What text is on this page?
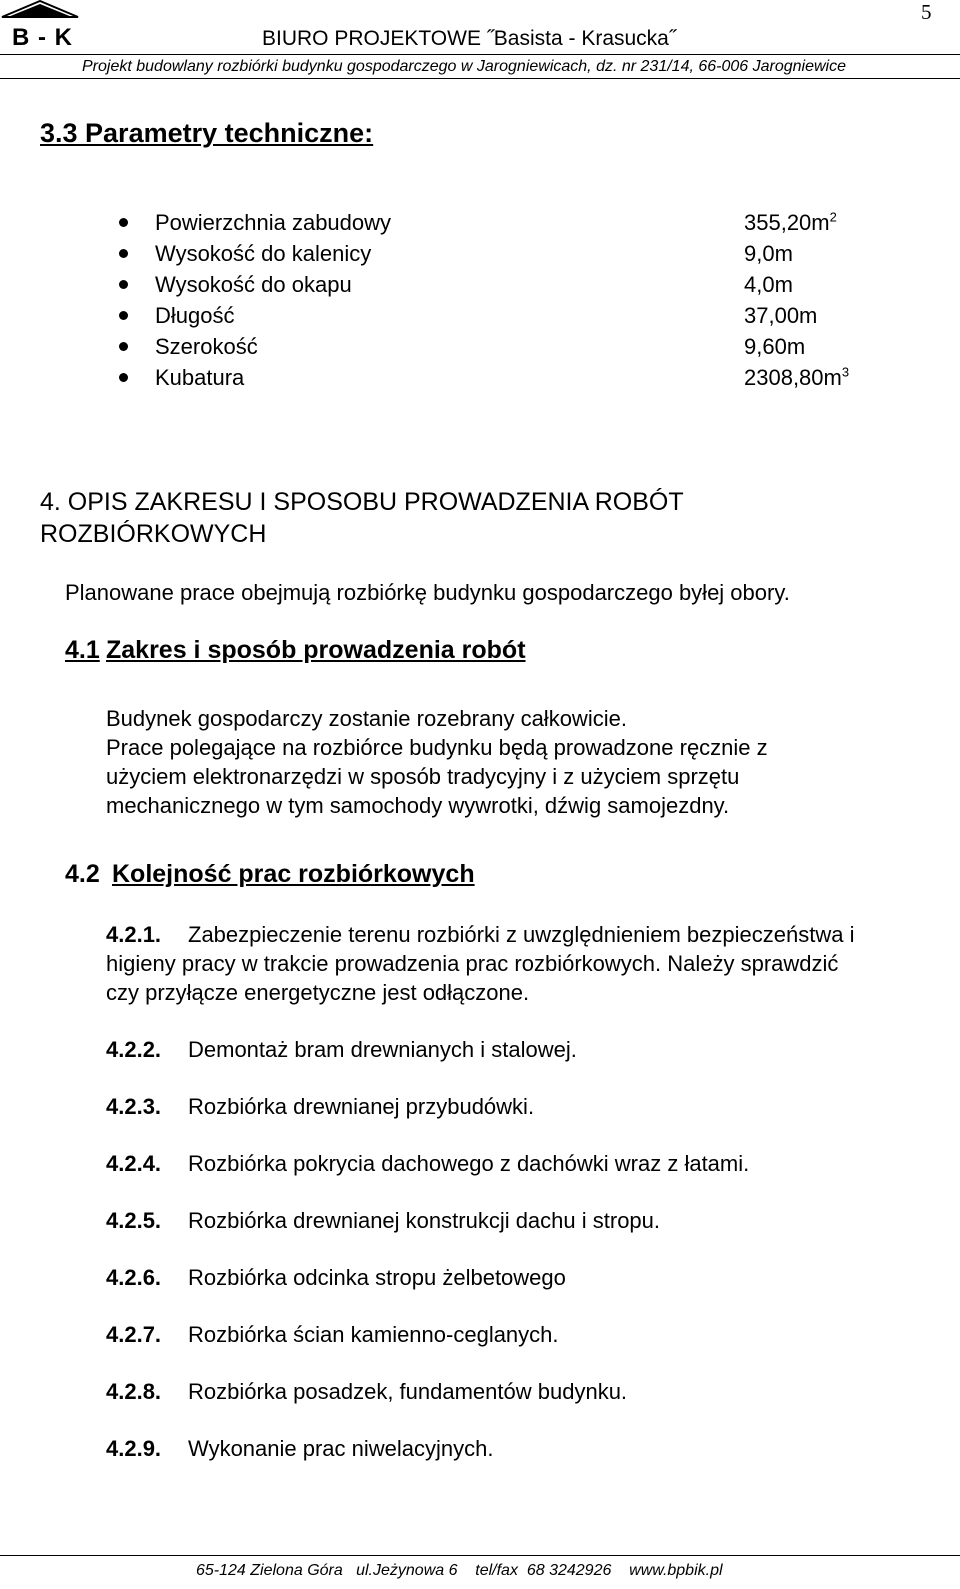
B - K
5
BIURO PROJEKTOWE ˝Basista - Krasucka˝
Projekt budowlany rozbiórki budynku gospodarczego w Jarogniewicach, dz. nr 231/14, 66-006 Jarogniewice
3.3 Parametry techniczne:
Powierzchnia zabudowy	$355,20m^2$
Wysokość do kalenicy	9,0m
Wysokość do okapu	4,0m
Długość	37,00m
Szerokość	9,60m
Kubatura	$2308,80m^3$
4. OPIS ZAKRESU I SPOSOBU PROWADZENIA ROBÓT
ROZBIÓRKOWYCH
Planowane prace obejmują rozbiórkę budynku gospodarczego byłej obory.
4.1 Zakres i sposób prowadzenia robót
Budynek gospodarczy zostanie rozebrany całkowicie.
Prace polegające na rozbiórce budynku będą prowadzone ręcznie z
użyciem elektronarzędzi w sposób tradycyjny i z użyciem sprzętu
mechanicznego w tym samochody wywrotki, dźwig samojezdny.
4.2 Kolejność prac rozbiórkowych
4.2.1. Zabezpieczenie terenu rozbiórki z uwzględnieniem bezpieczeństwa i
higieny pracy w trakcie prowadzenia prac rozbiórkowych. Należy sprawdzić
czy przyłącze energetyczne jest odłączone.
4.2.2. Demontaż bram drewnianych i stalowej.
4.2.3. Rozbiórka drewnianej przybudówki.
4.2.4. Rozbiórka pokrycia dachowego z dachówki wraz z łatami.
4.2.5. Rozbiórka drewnianej konstrukcji dachu i stropu.
4.2.6. Rozbiórka odcinka stropu żelbetowego
4.2.7. Rozbiórka ścian kamienno-ceglanych.
4.2.8. Rozbiórka posadzek, fundamentów budynku.
4.2.9. Wykonanie prac niwelacyjnych.
65-124 Zielona Góra   ul.Jeżynowa 6    tel/fax  68 3242926    www.bpbik.pl
